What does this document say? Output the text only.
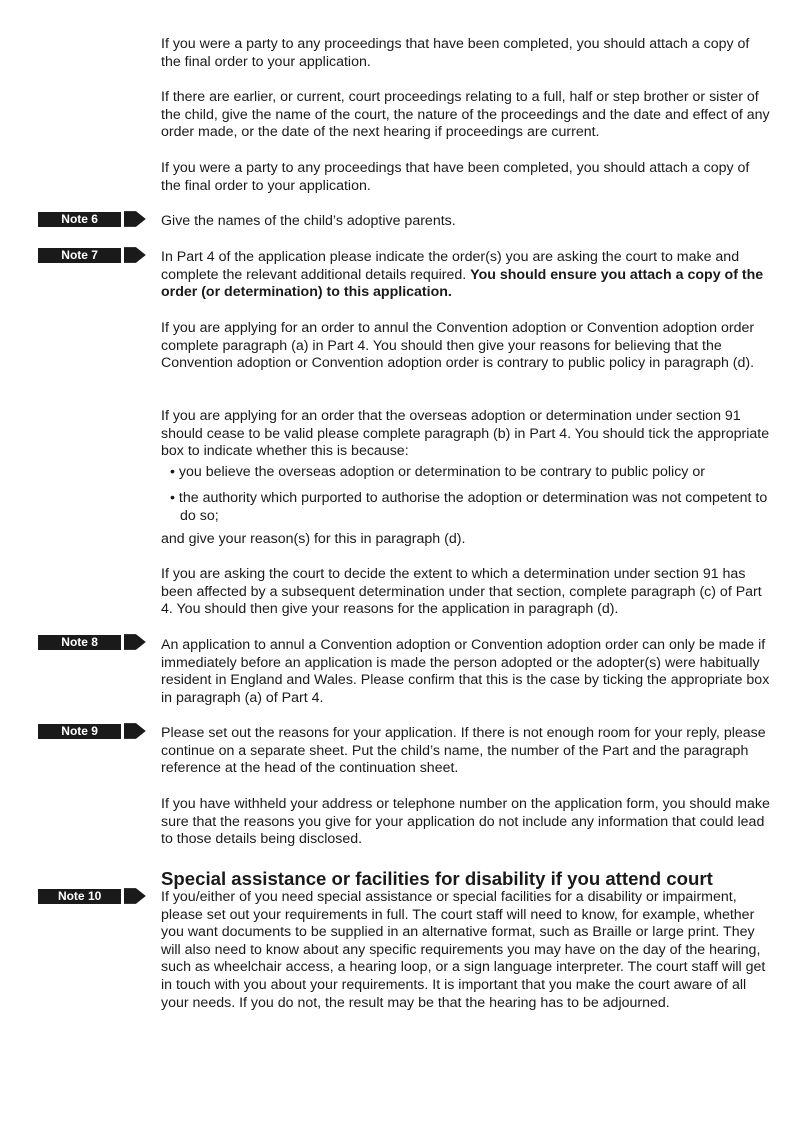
If you were a party to any proceedings that have been completed, you should attach a copy of the final order to your application.

If there are earlier, or current, court proceedings relating to a full, half or step brother or sister of the child, give the name of the court, the nature of the proceedings and the date and effect of any order made, or the date of the next hearing if proceedings are current.

If you were a party to any proceedings that have been completed, you should attach a copy of the final order to your application.

Note 6	Give the names of the child’s adoptive parents.

Note 7	In Part 4 of the application please indicate the order(s) you are asking the court to make and complete the relevant additional details required. You should ensure you attach a copy of the order (or determination) to this application.

If you are applying for an order to annul the Convention adoption or Convention adoption order complete paragraph (a) in Part 4. You should then give your reasons for believing that the Convention adoption or Convention adoption order is contrary to public policy in paragraph (d).

If you are applying for an order that the overseas adoption or determination under section 91 should cease to be valid please complete paragraph (b) in Part 4. You should tick the appropriate box to indicate whether this is because:

• you believe the overseas adoption or determination to be contrary to public policy or

• the authority which purported to authorise the adoption or determination was not competent to do so;

and give your reason(s) for this in paragraph (d).

If you are asking the court to decide the extent to which a determination under section 91 has been affected by a subsequent determination under that section, complete paragraph (c) of Part 4. You should then give your reasons for the application in paragraph (d).

Note 8	An application to annul a Convention adoption or Convention adoption order can only be made if immediately before an application is made the person adopted or the adopter(s) were habitually resident in England and Wales. Please confirm that this is the case by ticking the appropriate box in paragraph (a) of Part 4.

Note 9	Please set out the reasons for your application. If there is not enough room for your reply, please continue on a separate sheet. Put the child’s name, the number of the Part and the paragraph reference at the head of the continuation sheet.

If you have withheld your address or telephone number on the application form, you should make sure that the reasons you give for your application do not include any information that could lead to those details being disclosed.

Special assistance or facilities for disability if you attend court
Note 10	If you/either of you need special assistance or special facilities for a disability or impairment, please set out your requirements in full. The court staff will need to know, for example, whether you want documents to be supplied in an alternative format, such as Braille or large print. They will also need to know about any specific requirements you may have on the day of the hearing, such as wheelchair access, a hearing loop, or a sign language interpreter. The court staff will get in touch with you about your requirements. It is important that you make the court aware of all your needs. If you do not, the result may be that the hearing has to be adjourned.
